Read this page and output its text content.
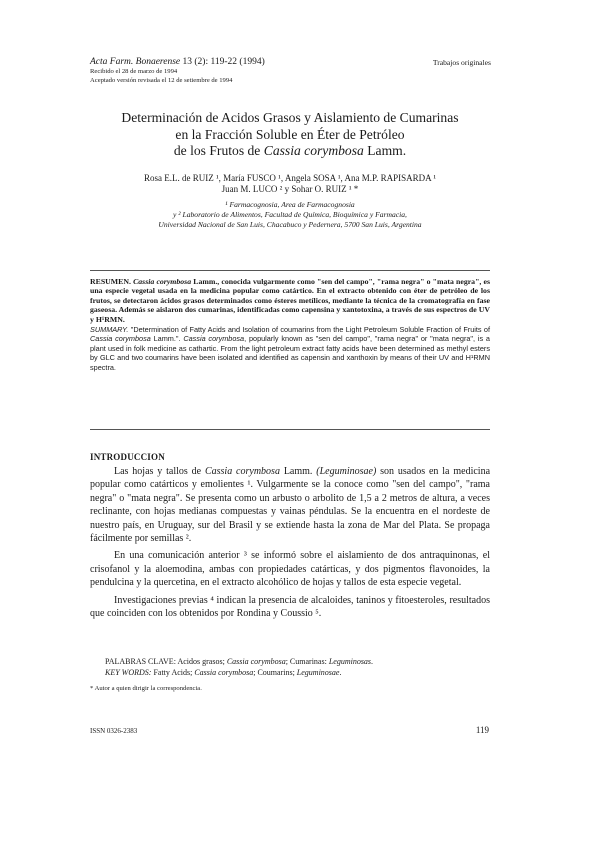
Acta Farm. Bonaerense 13 (2): 119-22 (1994)
Recibido el 28 de marzo de 1994
Aceptado versión revisada el 12 de setiembre de 1994
Trabajos originales
Determinación de Acidos Grasos y Aislamiento de Cumarinas
en la Fracción Soluble en Éter de Petróleo
de los Frutos de Cassia corymbosa Lamm.
Rosa E.L. de RUIZ ¹, María FUSCO ¹, Angela SOSA ¹, Ana M.P. RAPISARDA ¹
Juan M. LUCO ² y Sohar O. RUIZ ¹ *
¹ Farmacognosia, Area de Farmacognosia
y ² Laboratorio de Alimentos, Facultad de Química, Bioquímica y Farmacia,
Universidad Nacional de San Luis, Chacabuco y Pedernera, 5700 San Luis, Argentina

RESUMEN. Cassia corymbosa Lamm., conocida vulgarmente como "sen del campo", "rama negra" o "mata negra", es una especie vegetal usada en la medicina popular como catártico. En el extracto obtenido con éter de petróleo de los frutos, se detectaron ácidos grasos determinados como ésteres metílicos, mediante la técnica de la cromatografía en fase gaseosa. Además se aislaron dos cumarinas, identificadas como capensina y xantotoxina, a través de sus espectros de UV y H¹RMN.

SUMMARY. "Determination of Fatty Acids and Isolation of coumarins from the Light Petroleum Soluble Fraction of Fruits of Cassia corymbosa Lamm.". Cassia corymbosa, popularly known as "sen del campo", "rama negra" or "mata negra", is a plant used in folk medicine as cathartic. From the light petroleum extract fatty acids have been determined as methyl esters by GLC and two coumarins have been isolated and identified as capensin and xanthoxin by means of their UV and H¹RMN spectra.

INTRODUCCION

Las hojas y tallos de Cassia corymbosa Lamm. (Leguminosae) son usados en la medicina popular como catárticos y emolientes ¹. Vulgarmente se la conoce como "sen del campo", "rama negra" o "mata negra". Se presenta como un arbusto o arbolito de 1,5 a 2 metros de altura, a veces reclinante, con hojas medianas compuestas y vainas péndulas. Se la encuentra en el nordeste de nuestro país, en Uruguay, sur del Brasil y se extiende hasta la zona de Mar del Plata. Se propaga fácilmente por semillas ².

En una comunicación anterior ³ se informó sobre el aislamiento de dos antraquinonas, el crisofanol y la aloemodina, ambas con propiedades catárticas, y dos pigmentos flavonoides, la pendulcina y la quercetina, en el extracto alcohólico de hojas y tallos de esta especie vegetal.

Investigaciones previas ⁴ indican la presencia de alcaloides, taninos y fitoesteroles, resultados que coinciden con los obtenidos por Rondina y Coussio ⁵.

PALABRAS CLAVE: Acidos grasos; Cassia corymbosa; Cumarinas: Leguminosas.
KEY WORDS: Fatty Acids; Cassia corymbosa; Coumarins; Leguminosae.
* Autor a quien dirigir la correspondencia.
ISSN 0326-2383	119
